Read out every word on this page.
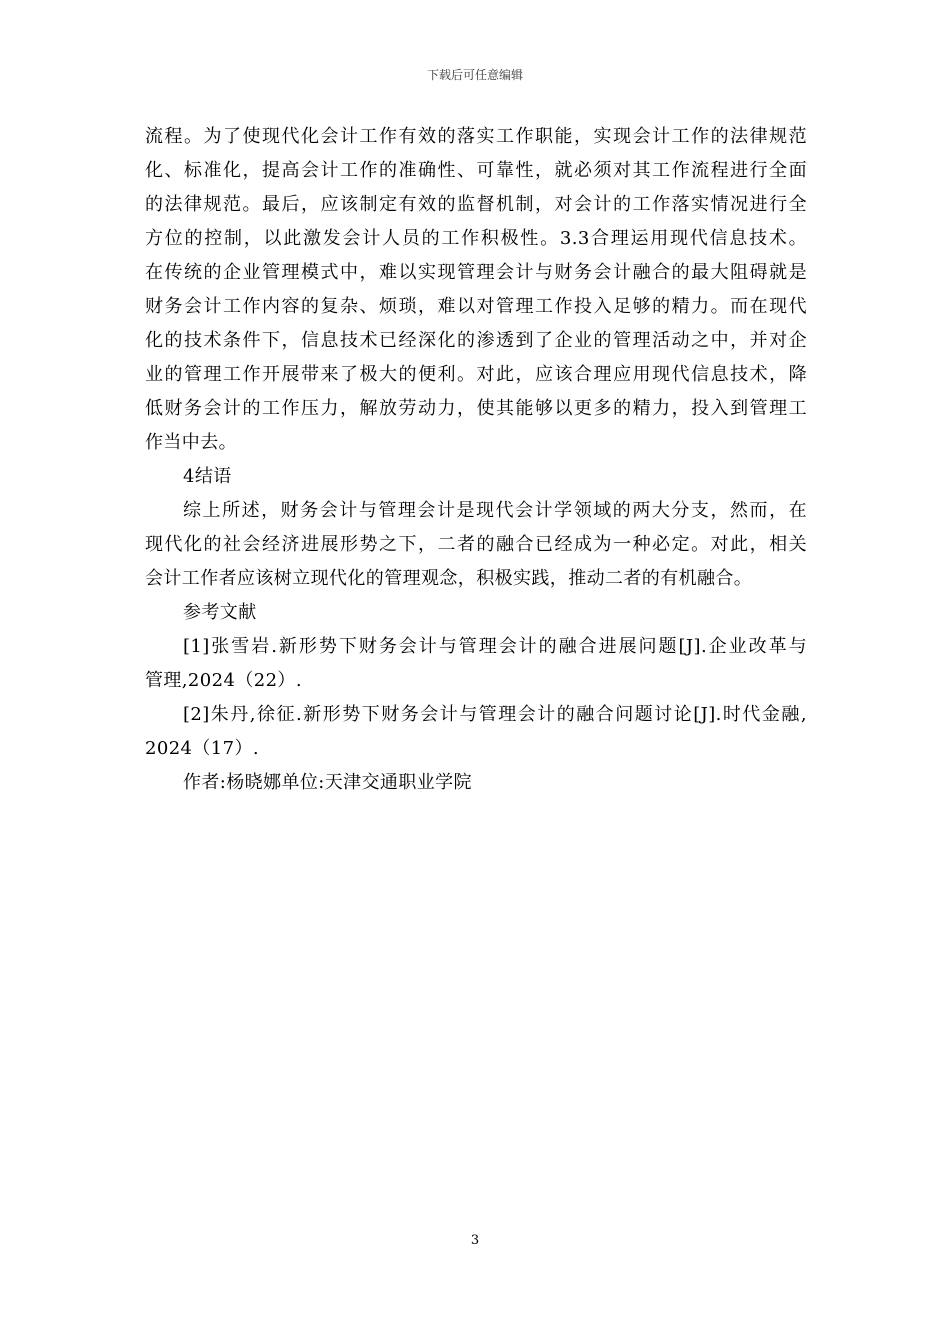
下载后可任意编辑
流程。为了使现代化会计工作有效的落实工作职能，实现会计工作的法律规范
化、标准化，提高会计工作的准确性、可靠性，就必须对其工作流程进行全面
的法律规范。最后，应该制定有效的监督机制，对会计的工作落实情况进行全
方位的控制，以此激发会计人员的工作积极性。3.3合理运用现代信息技术。
在传统的企业管理模式中，难以实现管理会计与财务会计融合的最大阻碍就是
财务会计工作内容的复杂、烦琐，难以对管理工作投入足够的精力。而在现代
化的技术条件下，信息技术已经深化的渗透到了企业的管理活动之中，并对企
业的管理工作开展带来了极大的便利。对此，应该合理应用现代信息技术，降
低财务会计的工作压力，解放劳动力，使其能够以更多的精力，投入到管理工
作当中去。
4结语
综上所述，财务会计与管理会计是现代会计学领域的两大分支，然而，在
现代化的社会经济进展形势之下，二者的融合已经成为一种必定。对此，相关
会计工作者应该树立现代化的管理观念，积极实践，推动二者的有机融合。
参考文献
[1]张雪岩.新形势下财务会计与管理会计的融合进展问题[J].企业改革与
管理,2024（22）.
[2]朱丹,徐征.新形势下财务会计与管理会计的融合问题讨论[J].时代金融,
2024（17）.
作者:杨晓娜单位:天津交通职业学院
3
